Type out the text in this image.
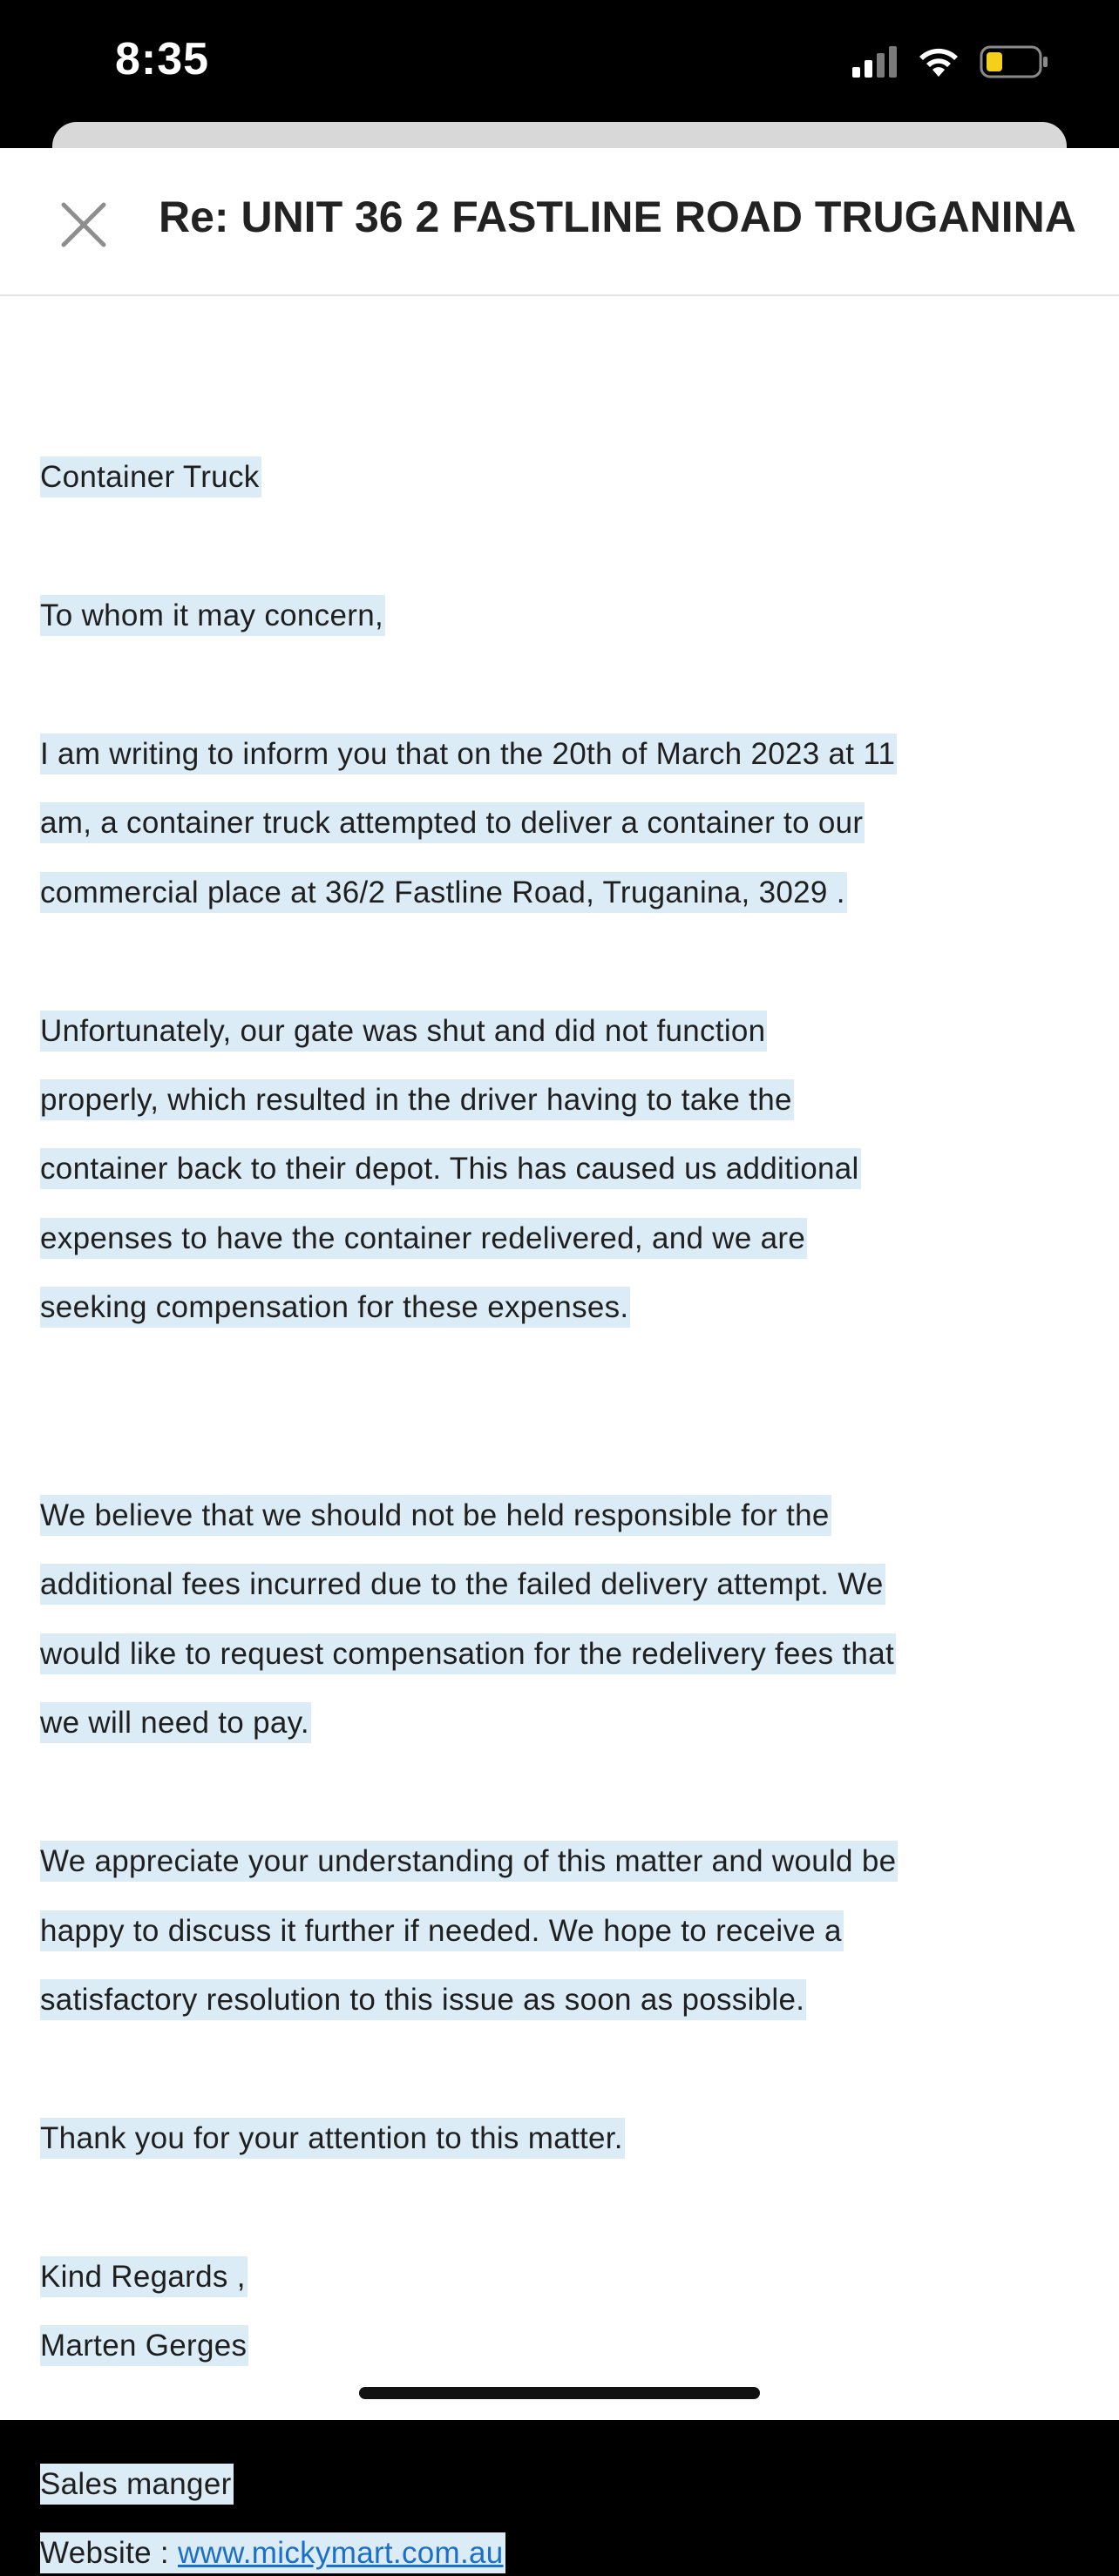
8:35
Re: UNIT 36 2 FASTLINE ROAD TRUGANINA
Container Truck
To whom it may concern,
I am writing to inform you that on the 20th of March 2023 at 11
am, a container truck attempted to deliver a container to our
commercial place at 36/2 Fastline Road, Truganina, 3029 .
Unfortunately, our gate was shut and did not function
properly, which resulted in the driver having to take the
container back to their depot. This has caused us additional
expenses to have the container redelivered, and we are
seeking compensation for these expenses.
We believe that we should not be held responsible for the
additional fees incurred due to the failed delivery attempt. We
would like to request compensation for the redelivery fees that
we will need to pay.
We appreciate your understanding of this matter and would be
happy to discuss it further if needed. We hope to receive a
satisfactory resolution to this issue as soon as possible.
Thank you for your attention to this matter.
Kind Regards ,
Marten Gerges
Sales manger
Website : www.mickymart.com.au
